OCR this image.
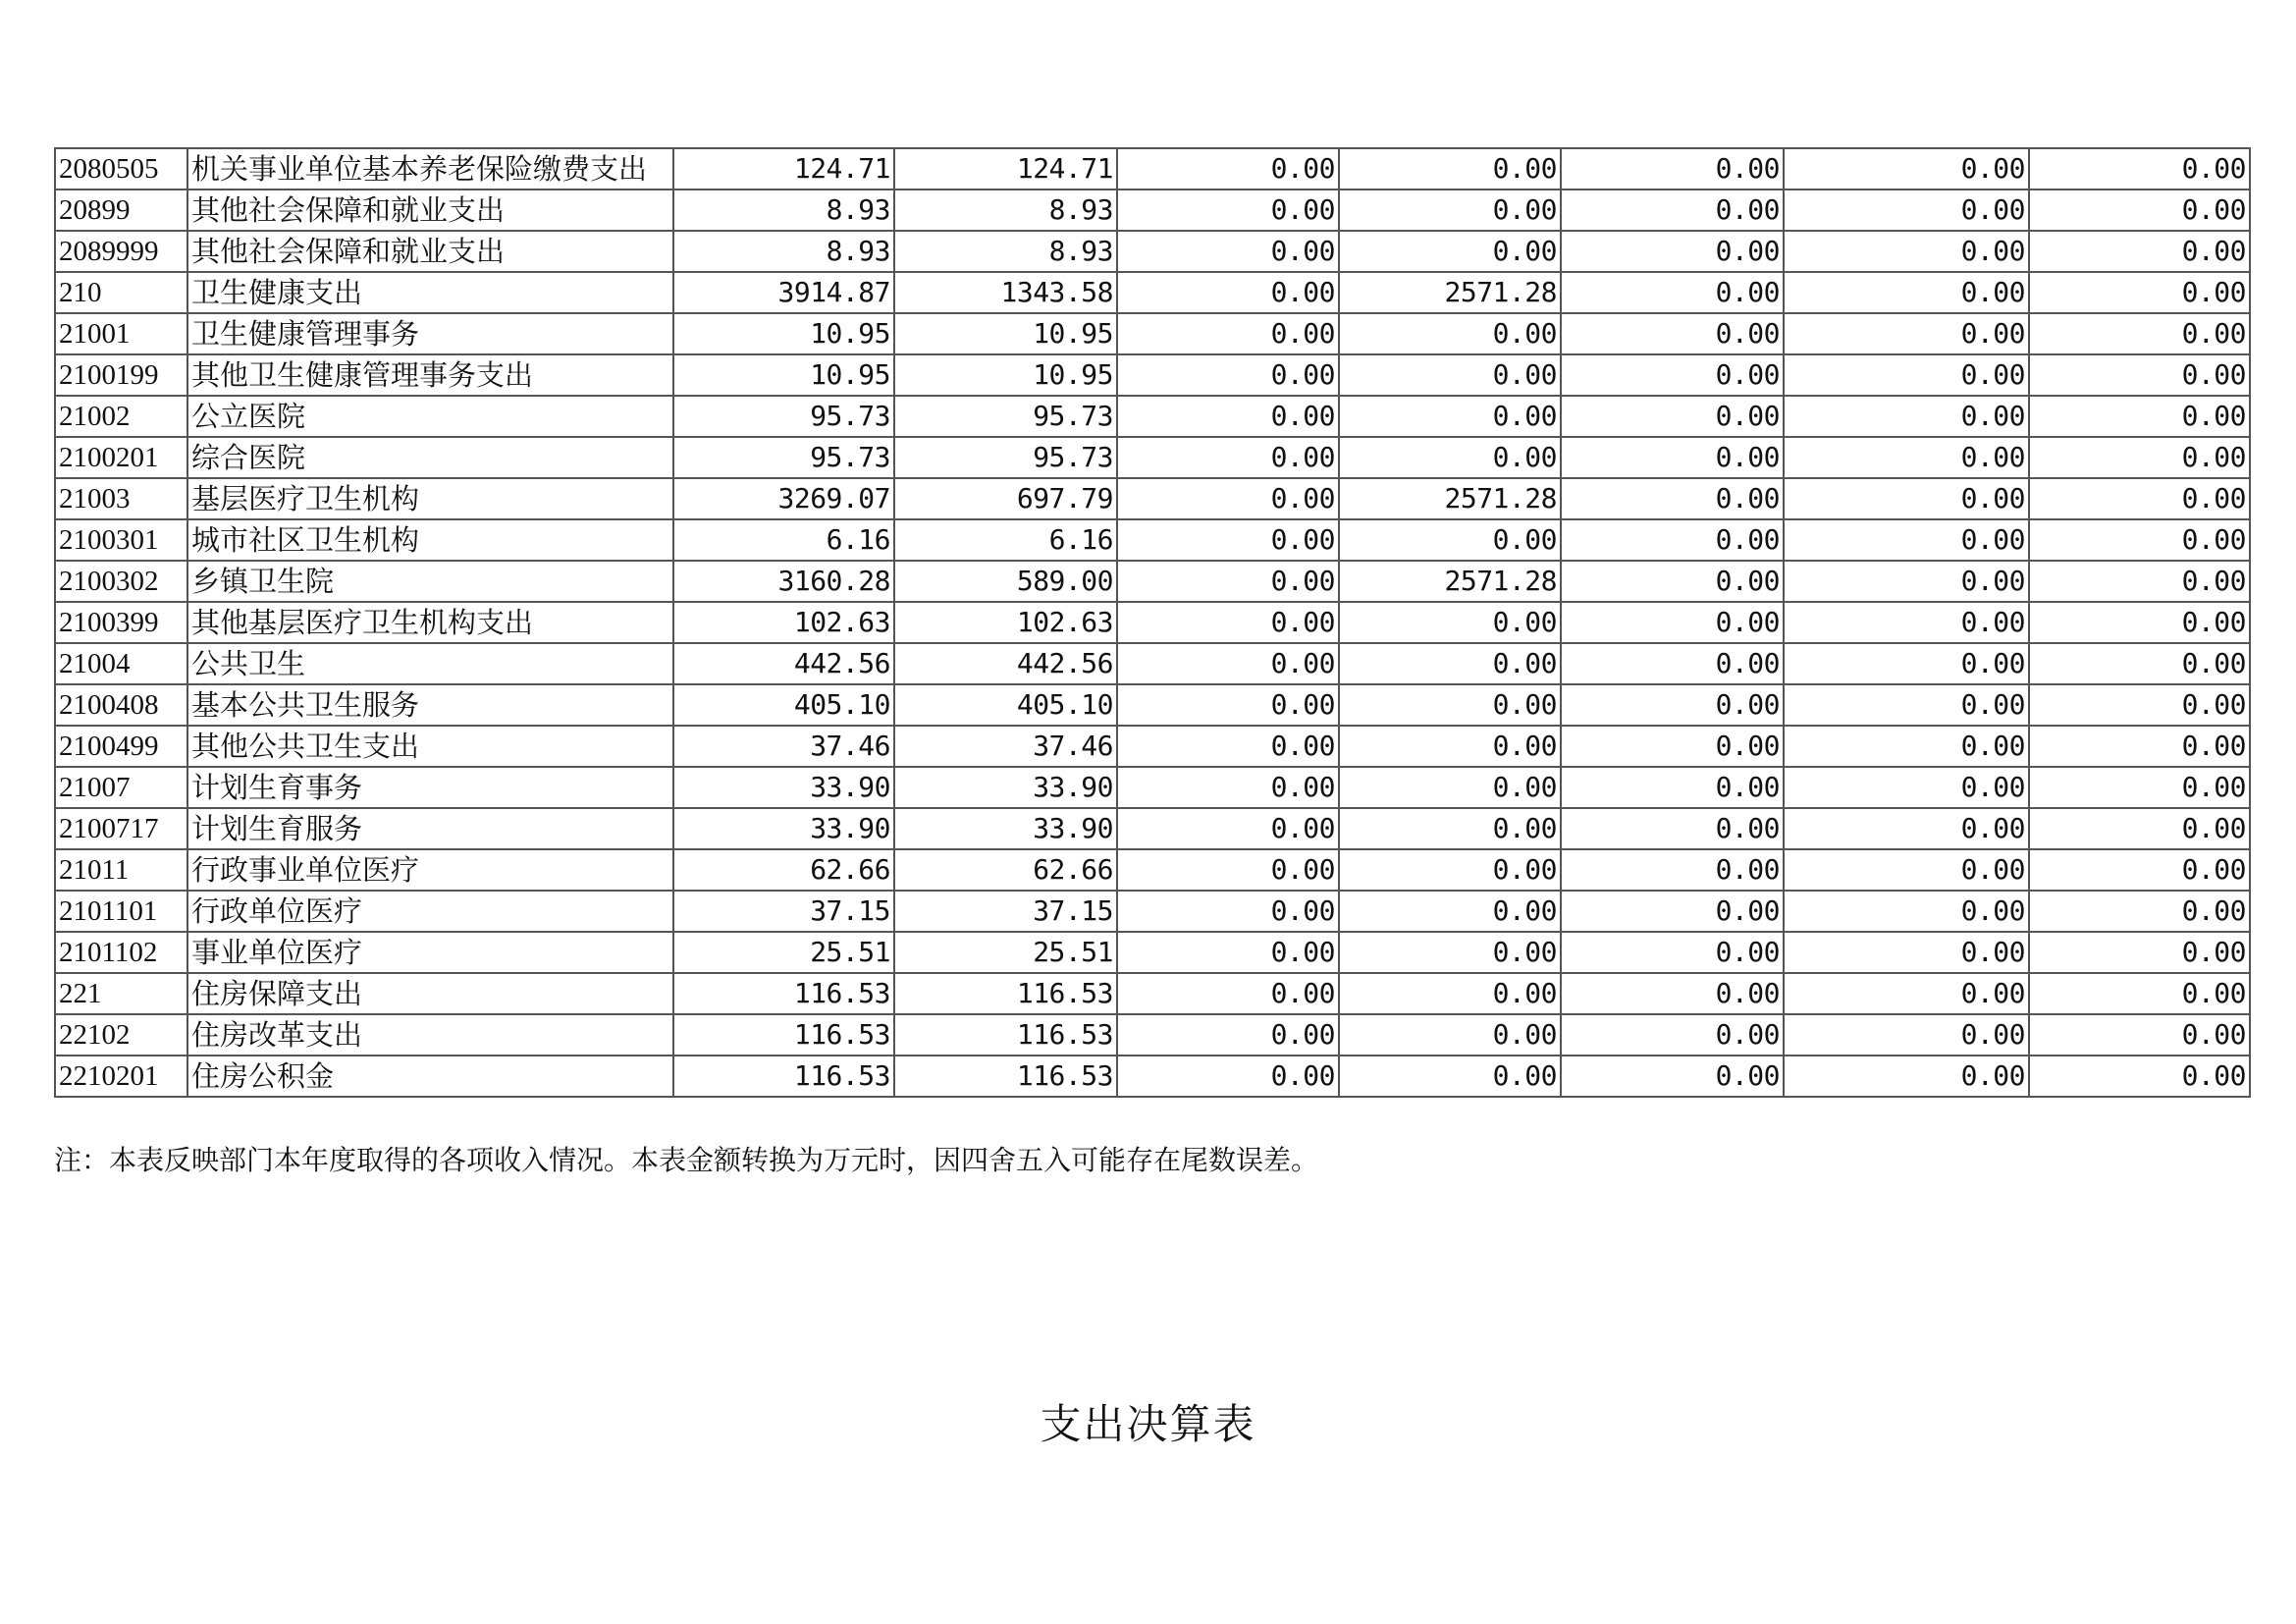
2080505	机关事业单位基本养老保险缴费支出	124.71	124.71	0.00	0.00	0.00	0.00	0.00
20899	其他社会保障和就业支出	8.93	8.93	0.00	0.00	0.00	0.00	0.00
2089999	其他社会保障和就业支出	8.93	8.93	0.00	0.00	0.00	0.00	0.00
210	卫生健康支出	3914.87	1343.58	0.00	2571.28	0.00	0.00	0.00
21001	卫生健康管理事务	10.95	10.95	0.00	0.00	0.00	0.00	0.00
2100199	其他卫生健康管理事务支出	10.95	10.95	0.00	0.00	0.00	0.00	0.00
21002	公立医院	95.73	95.73	0.00	0.00	0.00	0.00	0.00
2100201	综合医院	95.73	95.73	0.00	0.00	0.00	0.00	0.00
21003	基层医疗卫生机构	3269.07	697.79	0.00	2571.28	0.00	0.00	0.00
2100301	城市社区卫生机构	6.16	6.16	0.00	0.00	0.00	0.00	0.00
2100302	乡镇卫生院	3160.28	589.00	0.00	2571.28	0.00	0.00	0.00
2100399	其他基层医疗卫生机构支出	102.63	102.63	0.00	0.00	0.00	0.00	0.00
21004	公共卫生	442.56	442.56	0.00	0.00	0.00	0.00	0.00
2100408	基本公共卫生服务	405.10	405.10	0.00	0.00	0.00	0.00	0.00
2100499	其他公共卫生支出	37.46	37.46	0.00	0.00	0.00	0.00	0.00
21007	计划生育事务	33.90	33.90	0.00	0.00	0.00	0.00	0.00
2100717	计划生育服务	33.90	33.90	0.00	0.00	0.00	0.00	0.00
21011	行政事业单位医疗	62.66	62.66	0.00	0.00	0.00	0.00	0.00
2101101	行政单位医疗	37.15	37.15	0.00	0.00	0.00	0.00	0.00
2101102	事业单位医疗	25.51	25.51	0.00	0.00	0.00	0.00	0.00
221	住房保障支出	116.53	116.53	0.00	0.00	0.00	0.00	0.00
22102	住房改革支出	116.53	116.53	0.00	0.00	0.00	0.00	0.00
2210201	住房公积金	116.53	116.53	0.00	0.00	0.00	0.00	0.00
注：本表反映部门本年度取得的各项收入情况。本表金额转换为万元时，因四舍五入可能存在尾数误差。
支出决算表
